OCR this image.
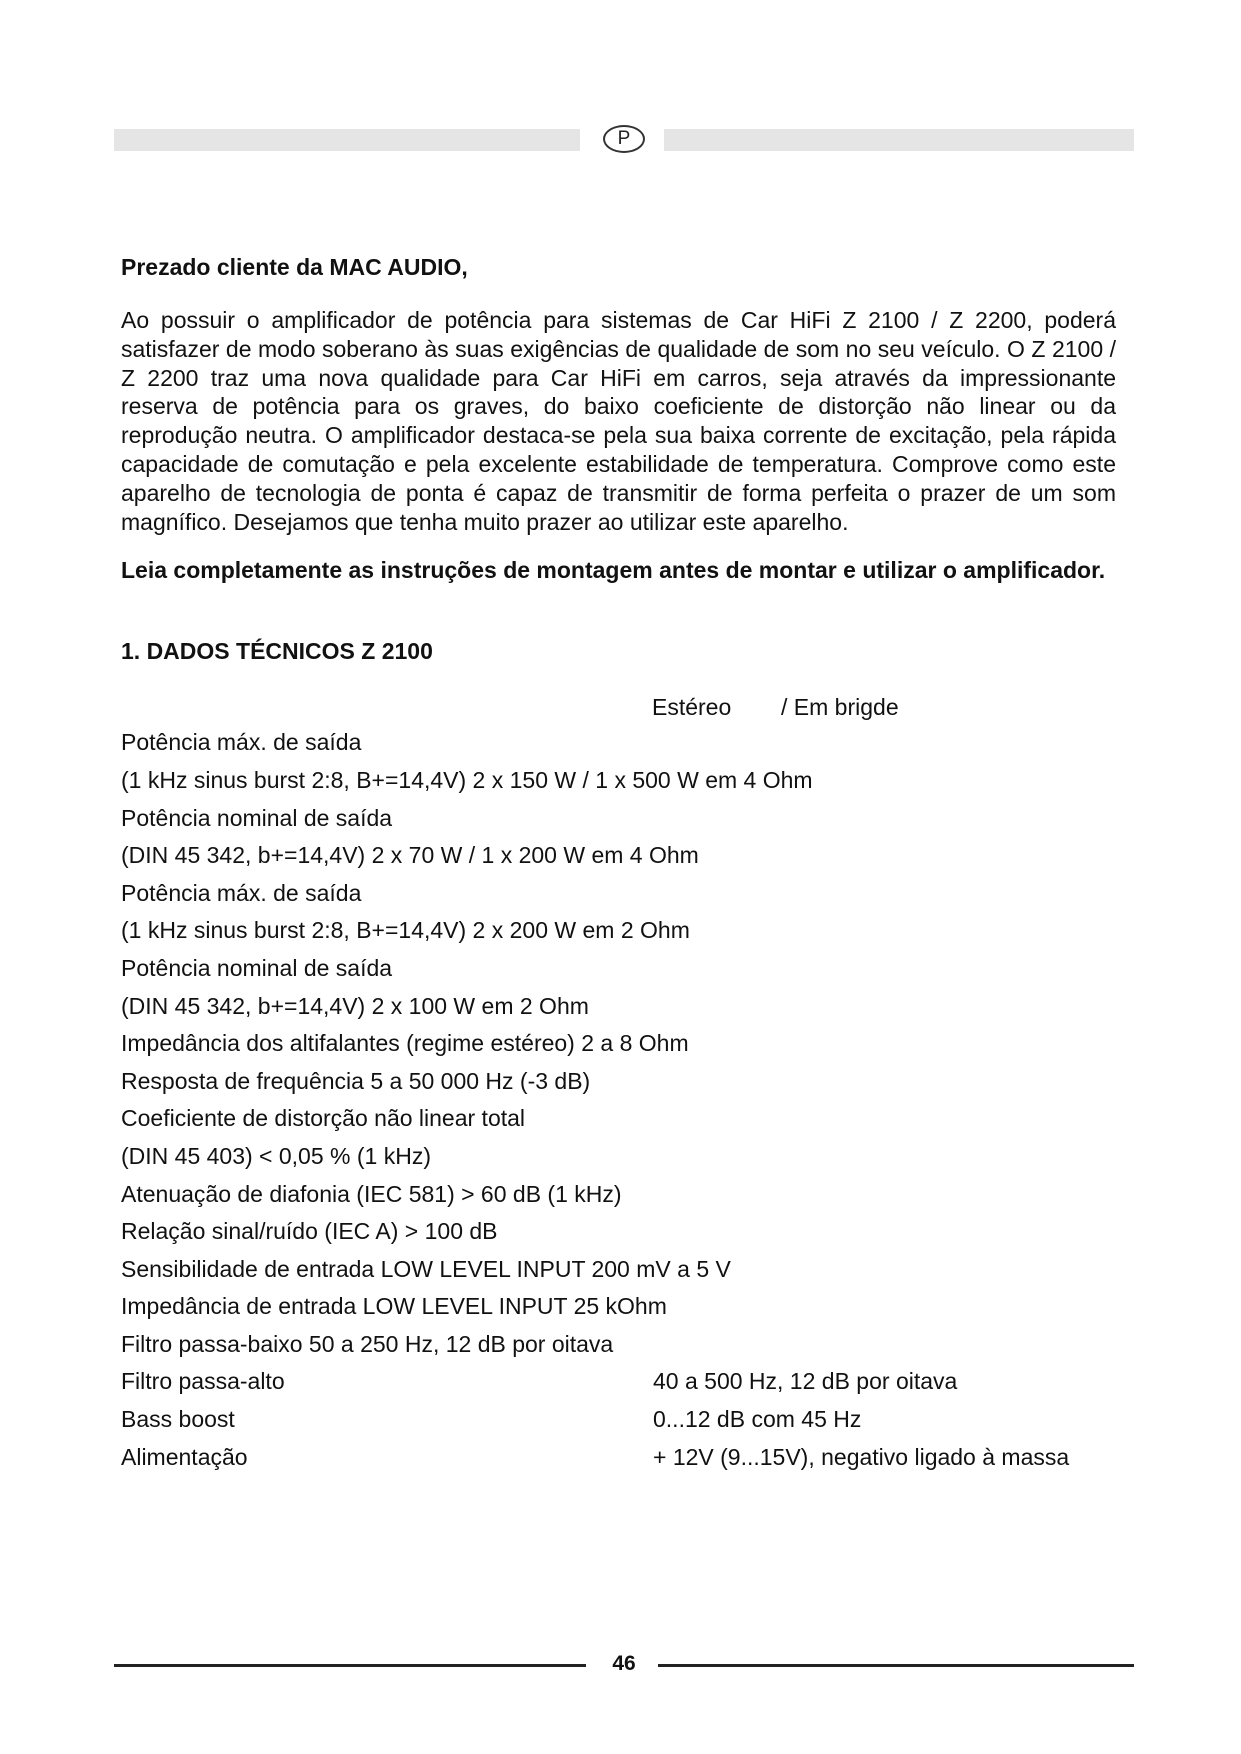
P

Prezado cliente da MAC AUDIO,

Ao possuir o amplificador de potência para sistemas de Car HiFi Z 2100 / Z 2200, poderá satisfazer de modo soberano às suas exigências de qualidade de som no seu veículo. O Z 2100 / Z 2200 traz uma nova qualidade para Car HiFi em carros, seja através da impressionante reserva de potência para os graves, do baixo coeficiente de distorção não linear ou da reprodução neutra. O amplificador destaca-se pela sua baixa corrente de excitação, pela rápida capacidade de comutação e pela excelente estabilidade de temperatura. Comprove como este aparelho de tecnologia de ponta é capaz de transmitir de forma perfeita o prazer de um som magnífico. Desejamos que tenha muito prazer ao utilizar este aparelho.

Leia completamente as instruções de montagem antes de montar e utilizar o amplificador.

1. DADOS TÉCNICOS Z 2100
Estéreo / Em brigde
Potência máx. de saída
(1 kHz sinus burst 2:8, B+=14,4V) 2 x 150 W / 1 x 500 W em 4 Ohm
Potência nominal de saída
(DIN 45 342, b+=14,4V) 2 x 70 W / 1 x 200 W em 4 Ohm
Potência máx. de saída
(1 kHz sinus burst 2:8, B+=14,4V) 2 x 200 W em 2 Ohm
Potência nominal de saída
(DIN 45 342, b+=14,4V) 2 x 100 W em 2 Ohm
Impedância dos altifalantes (regime estéreo) 2 a 8 Ohm
Resposta de frequência 5 a 50 000 Hz (-3 dB)
Coeficiente de distorção não linear total
(DIN 45 403) < 0,05 % (1 kHz)
Atenuação de diafonia (IEC 581) > 60 dB (1 kHz)
Relação sinal/ruído (IEC A) > 100 dB
Sensibilidade de entrada LOW LEVEL INPUT 200 mV a 5 V
Impedância de entrada LOW LEVEL INPUT 25 kOhm
Filtro passa-baixo 50 a 250 Hz, 12 dB por oitava
Filtro passa-alto	40 a 500 Hz, 12 dB por oitava
Bass boost	0...12 dB com 45 Hz
Alimentação	+ 12V (9...15V), negativo ligado à massa
46
